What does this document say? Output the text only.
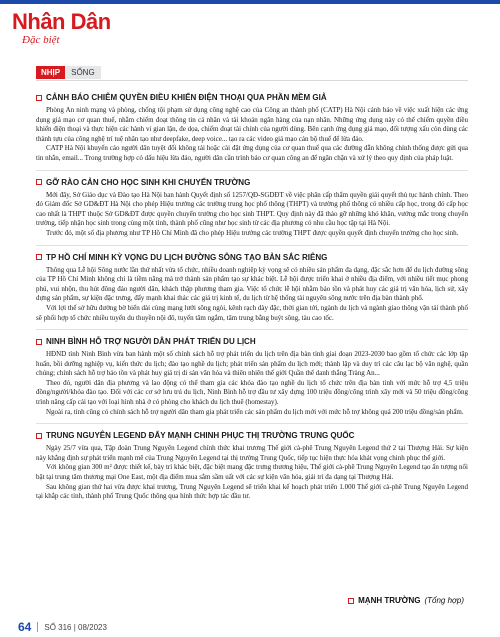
Nhân Dân
Đặc biệt
NHỊP	SỐNG
CẢNH BÁO CHIÊM QUYỀN ĐIỀU KHIỂN ĐIỆN THOẠI QUA PHẦN MỀM GIẢ

Phòng An ninh mạng và phòng, chống tội phạm sử dụng công nghệ cao của Công an thành phố (CATP) Hà Nội cảnh báo về việc xuất hiện các ứng dụng giả mạo cơ quan thuế, nhằm chiếm đoạt thông tin cá nhân và tài khoản ngân hàng của nạn nhân. Những ứng dụng này có thể chiếm quyền điều khiển điện thoại và thực hiện các hành vi gian lận, đe dọa, chiếm đoạt tài chính của người dùng. Bên cạnh ứng dụng giả mạo, đối tượng xấu còn dùng các thành tựu của công nghệ trí tuệ nhân tạo như deepfake, deep voice... tạo ra các video giả mạo cán bộ thuế để lừa đảo.

CATP Hà Nội khuyến cáo người dân tuyệt đối không tải hoặc cài đặt ứng dụng của cơ quan thuế qua các đường dẫn không chính thống được gửi qua tin nhắn, email... Trong trường hợp có dấu hiệu lừa đảo, người dân cần trình báo cơ quan công an để ngăn chặn và xử lý theo quy định của pháp luật.

GỠ RÀO CẢN CHO HỌC SINH KHI CHUYỂN TRƯỜNG

Mới đây, Sở Giáo dục và Đào tạo Hà Nội ban hành Quyết định số 1257/QĐ-SGDĐT về việc phân cấp thẩm quyền giải quyết thủ tục hành chính. Theo đó Giám đốc Sở GD&ĐT Hà Nội cho phép Hiệu trưởng các trường trung học phổ thông (THPT) và trường phổ thông có nhiều cấp học, trong đó cấp học cao nhất là THPT thuộc Sở GD&ĐT được quyền chuyển trường cho học sinh THPT. Quy định này đã tháo gỡ những khó khăn, vướng mắc trong chuyển trường, tiếp nhận học sinh trong cùng một tỉnh, thành phố cũng như học sinh từ các địa phương có nhu cầu học tập tại Hà Nội.

Trước đó, một số địa phương như TP Hồ Chí Minh đã cho phép Hiệu trưởng các trường THPT được quyền quyết định chuyển trường cho học sinh.

TP HỒ CHÍ MINH KỲ VỌNG DU LỊCH ĐƯỜNG SÔNG TẠO BẢN SẮC RIÊNG

Thông qua Lễ hội Sông nước lần thứ nhất vừa tổ chức, nhiều doanh nghiệp kỳ vọng sẽ có nhiều sản phẩm đa dạng, đặc sắc hơn để du lịch đường sông của TP Hồ Chí Minh không chỉ là tiềm năng mà trở thành sản phẩm tạo sự khác biệt. Lễ hội được triển khai ở nhiều địa điểm, với nhiều tiết mục phong phú, vui nhộn, thu hút đông đảo người dân, khách thập phương tham gia. Việc tổ chức lễ hội nhằm bảo tồn và phát huy các giá trị văn hóa, lịch sử, xây dựng sản phẩm, sự kiện đặc trưng, đẩy mạnh khai thác các giá trị kinh tế, du lịch từ hệ thống tài nguyên sông nước trên địa bàn thành phố.

Với lợi thế sở hữu đường bờ biển dài cùng mạng lưới sông ngòi, kênh rạch dày đặc, thời gian tới, ngành du lịch và ngành giao thông vận tải thành phố sẽ phối hợp tổ chức nhiều tuyến du thuyền nội đô, tuyến tâm ngắm, tâm trung bằng buýt sông, tàu cao tốc.

NINH BÌNH HỖ TRỢ NGƯỜI DÂN PHÁT TRIỂN DU LỊCH

HĐND tỉnh Ninh Bình vừa ban hành một số chính sách hỗ trợ phát triển du lịch trên địa bàn tỉnh giai đoạn 2023-2030 bao gồm tổ chức các lớp tập huấn, bồi dưỡng nghiệp vụ, kiến thức du lịch; đào tạo nghề du lịch; phát triển sản phẩm du lịch mới; thành lập và duy trì các câu lạc bộ văn nghệ, quần chúng; chính sách hỗ trợ bảo tồn và phát huy giá trị di sản văn hóa và thiên nhiên thế giới Quần thể danh thắng Tràng An...

Theo đó, người dân địa phương và lao động có thể tham gia các khóa đào tạo nghề du lịch tổ chức trên địa bàn tỉnh với mức hỗ trợ 4,5 triệu đồng/người/khóa đào tạo. Đối với các cơ sở lưu trú du lịch, Ninh Bình hỗ trợ đầu tư xây dựng 100 triệu đồng/công trình xây mới và 50 triệu đồng/công trình nâng cấp cải tạo với loại hình nhà ở có phòng cho khách du lịch thuê (homestay).

Ngoài ra, tỉnh cũng có chính sách hỗ trợ người dân tham gia phát triển các sản phẩm du lịch mới với mức hỗ trợ không quá 200 triệu đồng/sản phẩm.

TRUNG NGUYÊN LEGEND ĐẨY MẠNH CHINH PHỤC THỊ TRƯỜNG TRUNG QUỐC

Ngày 25/7 vừa qua, Tập đoàn Trung Nguyên Legend chính thức khai trương Thế giới cà-phê Trung Nguyên Legend thứ 2 tại Thượng Hải. Sự kiện này khẳng định sự phát triển mạnh mẽ của Trung Nguyên Legend tại thị trường Trung Quốc, tiếp tục hiện thực hóa khát vọng chinh phục thế giới.

Với không gian 300 m² được thiết kế, bày trí khác biệt, đặc biệt mang đặc trưng thương hiệu, Thế giới cà-phê Trung Nguyên Legend tạo ấn tượng nổi bật tại trung tâm thương mại One East, một địa điểm mua sắm sầm uất với các sự kiện văn hóa, giải trí đa dạng tại Thượng Hải.

Sau không gian thứ hai vừa được khai trương, Trung Nguyên Legend sẽ triển khai kế hoạch phát triển 1.000 Thế giới cà-phê Trung Nguyên Legend tại khắp các tỉnh, thành phố Trung Quốc thông qua hình thức hợp tác đầu tư.

MẠNH TRƯỜNG (Tổng hợp)
64 SỐ 316 | 08/2023
